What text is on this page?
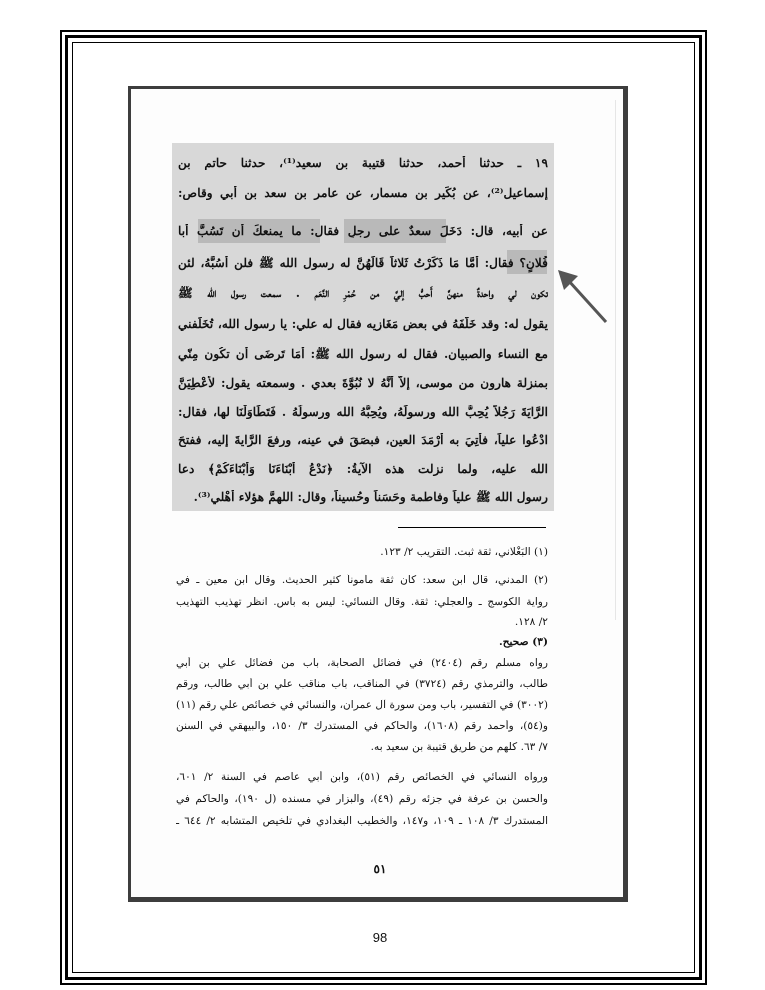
١٩ ـ حدثنا أحمد، حدثنا قتيبة بن سعيد⁽¹⁾، حدثنا حاتم بن
إسماعيل⁽²⁾، عن بُكَير بن مسمار، عن عامر بن سعد بن أبي وقاص:
عن أبيه، قال: دَخَلَ سعدٌ على رجلٍ فقال: ما يمنعكَ أن تَسُبَّ أبا
فُلانٍ؟ فقال: أَمَّا مَا ذَكَرْتُ ثَلاثاً قَالَهُنَّ له رسول الله ﷺ فلن أَسُبَّهُ، لئن
تكون لي واحدةٌ منهنَّ أَحبُّ إليَّ من حُمْرِ النَّعَم . سمعت رسول الله ﷺ
يقول له: وقد خَلَّفَهُ في بعض مَغَازِيه فقال له علي: يا رسول الله، تُخَلِّفني
مع النساء والصبيان. فقال له رسول الله ﷺ: أَمَا تَرضَى أن تكُون مِنّي
بمنزلة هارون من موسى، إلاَّ أَنَّهُ لا نُبُوَّةَ بعدي . وسمعته يقول: لأُعْطِيَنَّ
الرَّايَةَ رَجُلاً يُحِبُّ الله ورسولَهُ، ويُحِبُّهُ الله ورسولُهُ . فَتَطَاوَلْنَا لها، فقال:
ادْعُوا علياً، فأُتِيَ به أَرْمَدَ العين، فبصَقَ في عينه، ورفعَ الرَّايةَ إليه، ففتحَ
الله عليه، ولما نزلت هذه الآيةُ: ﴿نَدْعُ أَبْنَاءَنَا وَأَبْنَاءَكُمْ﴾ دعا
رسول الله ﷺ علياً وفاطمة وحَسَناً وحُسيناً، وقال: اللهمَّ هؤلاء أَهْلي⁽³⁾.
(١) البَغْلاني، ثقة ثبت. التقريب ٢/ ١٢٣.
(٢) المدني، قال ابن سعد: كان ثقة مأموناً كثير الحديث. وقال ابن معين ـ في
رواية الكوسج ـ والعجلي: ثقة. وقال النسائي: ليس به بأس. انظر تهذيب التهذيب
٢/ ١٢٨.
(٣) صحيح.
رواه مسلم رقم (٢٤٠٤) في فضائل الصحابة، باب من فضائل علي بن أبي
طالب، والترمذي رقم (٣٧٢٤) في المناقب، باب مناقب علي بن أبي طالب، ورقم
(٣٠٠٢) في التفسير، باب ومن سورة آل عمران، والنسائي في خصائص علي رقم (١١)
و(٥٤)، وأحمد رقم (١٦٠٨)، والحاكم في المستدرك ٣/ ١٥٠، والبيهقي في السنن
٧/ ٦٣. كلهم من طريق قتيبة بن سعيد به.
ورواه النسائي في الخصائص رقم (٥١)، وابن أبي عاصم في السنة ٢/ ٦٠١،
والحسن بن عرفة في جزئه رقم (٤٩)، والبزار في مسنده (ل ١٩٠)، والحاكم في
المستدرك ٣/ ١٠٨ ـ ١٠٩، و١٤٧، والخطيب البغدادي في تلخيص المتشابه ٢/ ٦٤٤ ـ
٥١
98
